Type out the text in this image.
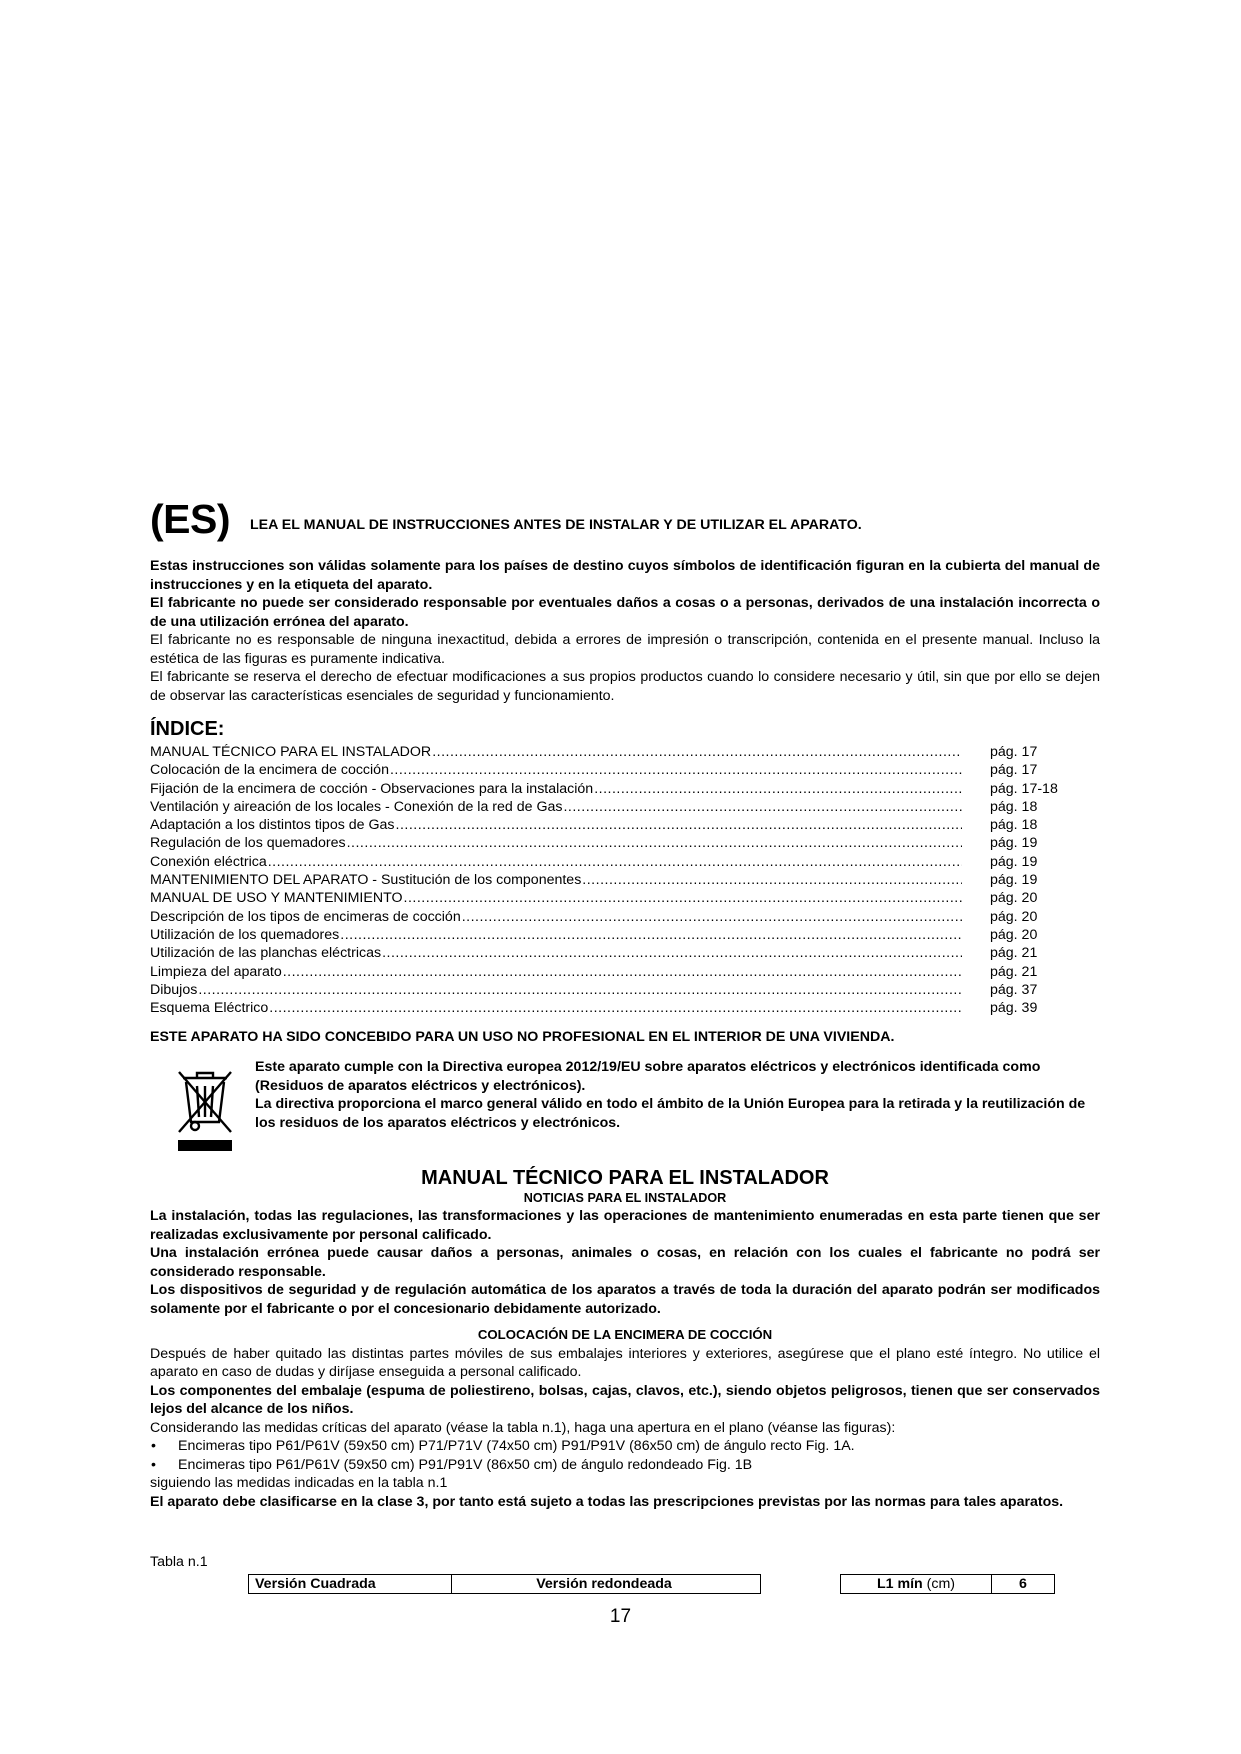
(ES) LEA EL MANUAL DE INSTRUCCIONES ANTES DE INSTALAR Y DE UTILIZAR EL APARATO.

Estas instrucciones son válidas solamente para los países de destino cuyos símbolos de identificación figuran en la cubierta del manual de instrucciones y en la etiqueta del aparato.

El fabricante no puede ser considerado responsable por eventuales daños a cosas o a personas, derivados de una instalación incorrecta o de una utilización errónea del aparato.

El fabricante no es responsable de ninguna inexactitud, debida a errores de impresión o transcripción, contenida en el presente manual. Incluso la estética de las figuras es puramente indicativa.

El fabricante se reserva el derecho de efectuar modificaciones a sus propios productos cuando lo considere necesario y útil, sin que por ello se dejen de observar las características esenciales de seguridad y funcionamiento.

ÍNDICE:
MANUAL TÉCNICO PARA EL INSTALADOR .....	pág. 17
Colocación de la encimera de cocción .....	pág. 17
Fijación de la encimera de cocción - Observaciones para la instalación .....	pág. 17-18
Ventilación y aireación de los locales - Conexión de la red de Gas .....	pág. 18
Adaptación a los distintos tipos de Gas .....	pág. 18
Regulación de los quemadores .....	pág. 19
Conexión eléctrica .....	pág. 19
MANTENIMIENTO DEL APARATO - Sustitución de los componentes .....	pág. 19
MANUAL DE USO Y MANTENIMIENTO .....	pág. 20
Descripción de los tipos de encimeras de cocción .....	pág. 20
Utilización de los quemadores .....	pág. 20
Utilización de las planchas eléctricas .....	pág. 21
Limpieza del aparato .....	pág. 21
Dibujos .....	pág. 37
Esquema Eléctrico .....	pág. 39
ESTE APARATO HA SIDO CONCEBIDO PARA UN USO NO PROFESIONAL EN EL INTERIOR DE UNA VIVIENDA.

Este aparato cumple con la Directiva europea 2012/19/EU sobre aparatos eléctricos y electrónicos identificada como (Residuos de aparatos eléctricos y electrónicos).

La directiva proporciona el marco general válido en todo el ámbito de la Unión Europea para la retirada y la reutilización de los residuos de los aparatos eléctricos y electrónicos.

MANUAL TÉCNICO PARA EL INSTALADOR
NOTICIAS PARA EL INSTALADOR

La instalación, todas las regulaciones, las transformaciones y las operaciones de mantenimiento enumeradas en esta parte tienen que ser realizadas exclusivamente por personal calificado.

Una instalación errónea puede causar daños a personas, animales o cosas, en relación con los cuales el fabricante no podrá ser considerado responsable.

Los dispositivos de seguridad y de regulación automática de los aparatos a través de toda la duración del aparato podrán ser modificados solamente por el fabricante o por el concesionario debidamente autorizado.

COLOCACIÓN DE LA ENCIMERA DE COCCIÓN

Después de haber quitado las distintas partes móviles de sus embalajes interiores y exteriores, asegúrese que el plano esté íntegro. No utilice el aparato en caso de dudas y diríjase enseguida a personal calificado.

Los componentes del embalaje (espuma de poliestireno, bolsas, cajas, clavos, etc.), siendo objetos peligrosos, tienen que ser conservados lejos del alcance de los niños.

Considerando las medidas críticas del aparato (véase la tabla n.1), haga una apertura en el plano (véanse las figuras):

• Encimeras tipo P61/P61V (59x50 cm) P71/P71V (74x50 cm) P91/P91V (86x50 cm) de ángulo recto Fig. 1A.
• Encimeras tipo P61/P61V (59x50 cm) P91/P91V (86x50 cm) de ángulo redondeado Fig. 1B

siguiendo las medidas indicadas en la tabla n.1

El aparato debe clasificarse en la clase 3, por tanto está sujeto a todas las prescripciones previstas por las normas para tales aparatos.

Tabla n.1
Versión Cuadrada	Versión redondeada	L1 mín (cm)	6
17
